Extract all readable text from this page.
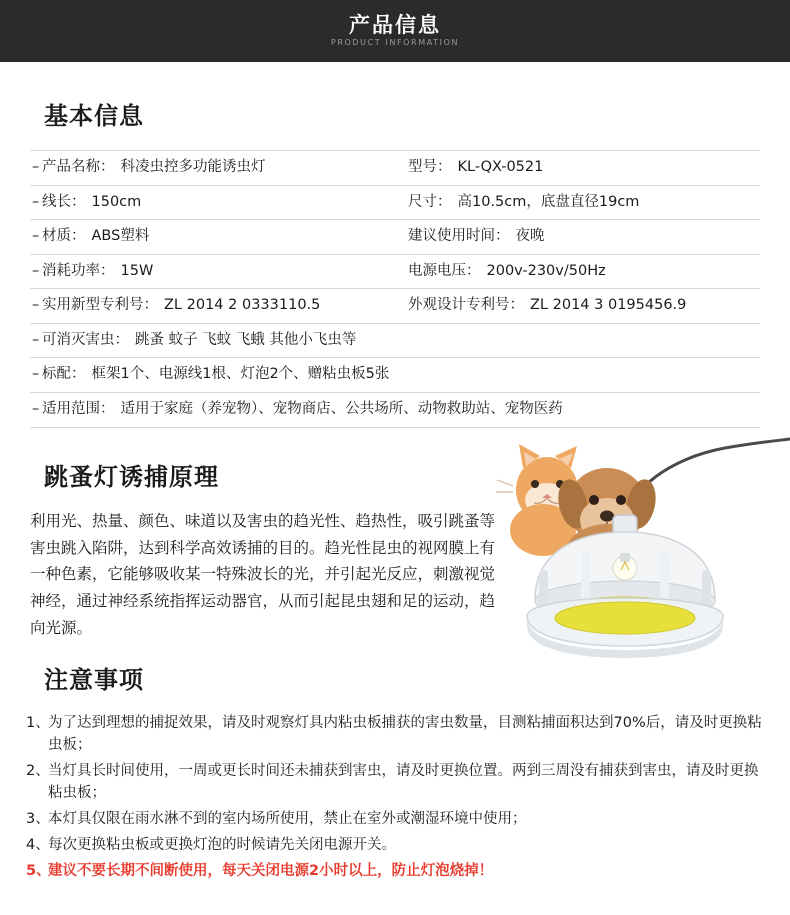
产品信息
PRODUCT INFORMATION
基本信息
– 产品名称： 科凌虫控多功能诱虫灯	型号： KL-QX-0521
– 线长： 150cm	尺寸： 高10.5cm，底盘直径19cm
– 材质： ABS塑料	建议使用时间： 夜晚
– 消耗功率： 15W	电源电压： 200v-230v/50Hz
– 实用新型专利号： ZL 2014 2 0333110.5	外观设计专利号： ZL 2014 3 0195456.9
– 可消灭害虫： 跳蚤 蚊子 飞蚊 飞蛾 其他小飞虫等
– 标配： 框架1个、电源线1根、灯泡2个、赠粘虫板5张
– 适用范围： 适用于家庭（养宠物）、宠物商店、公共场所、动物救助站、宠物医药
跳蚤灯诱捕原理
利用光、热量、颜色、味道以及害虫的趋光性、趋热性，吸引跳蚤等害虫跳入陷阱，达到科学高效诱捕的目的。趋光性昆虫的视网膜上有一种色素，它能够吸收某一特殊波长的光，并引起光反应，刺激视觉神经，通过神经系统指挥运动器官，从而引起昆虫翅和足的运动，趋向光源。
注意事项
1、
为了达到理想的捕捉效果，请及时观察灯具内粘虫板捕获的害虫数量，目测粘捕面积达到70%后，请及时更换粘虫板；
2、
当灯具长时间使用，一周或更长时间还未捕获到害虫，请及时更换位置。两到三周没有捕获到害虫，请及时更换粘虫板；
3、
本灯具仅限在雨水淋不到的室内场所使用，禁止在室外或潮湿环境中使用；
4、
每次更换粘虫板或更换灯泡的时候请先关闭电源开关。
5、
建议不要长期不间断使用，每天关闭电源2小时以上，防止灯泡烧掉！
